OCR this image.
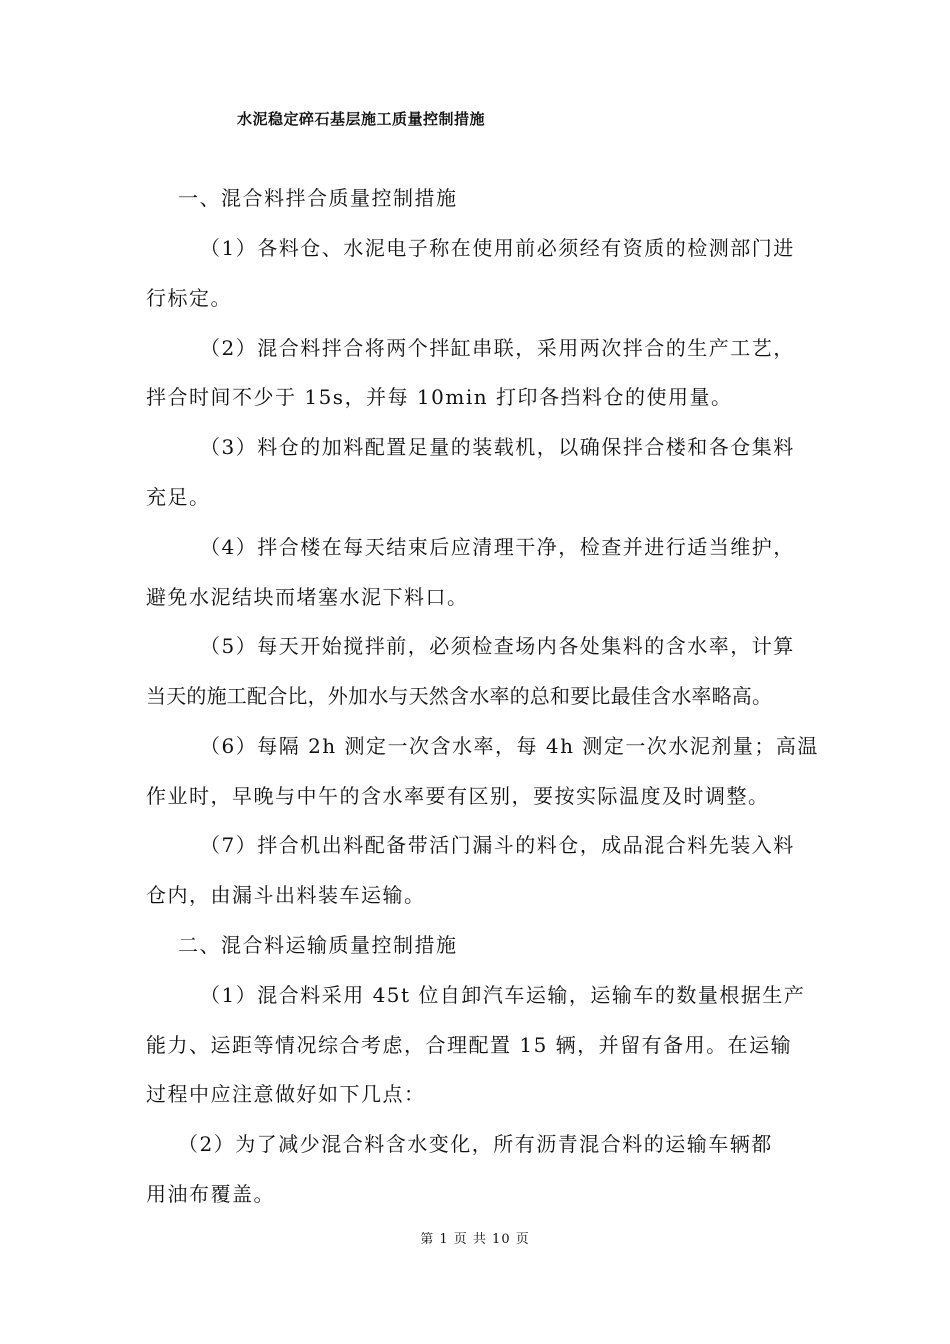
水泥稳定碎石基层施工质量控制措施
一、混合料拌合质量控制措施
（1）各料仓、水泥电子称在使用前必须经有资质的检测部门进
行标定。
（2）混合料拌合将两个拌缸串联，采用两次拌合的生产工艺，
拌合时间不少于 15s，并每 10min 打印各挡料仓的使用量。
（3）料仓的加料配置足量的装载机，以确保拌合楼和各仓集料
充足。
（4）拌合楼在每天结束后应清理干净，检查并进行适当维护，
避免水泥结块而堵塞水泥下料口。
（5）每天开始搅拌前，必须检查场内各处集料的含水率，计算
当天的施工配合比，外加水与天然含水率的总和要比最佳含水率略高。
（6）每隔 2h 测定一次含水率，每 4h 测定一次水泥剂量；高温
作业时，早晚与中午的含水率要有区别，要按实际温度及时调整。
（7）拌合机出料配备带活门漏斗的料仓，成品混合料先装入料
仓内，由漏斗出料装车运输。
二、混合料运输质量控制措施
（1）混合料采用 45t 位自卸汽车运输，运输车的数量根据生产
能力、运距等情况综合考虑，合理配置 15 辆，并留有备用。在运输
过程中应注意做好如下几点：
（2）为了减少混合料含水变化，所有沥青混合料的运输车辆都
用油布覆盖。
第 1 页 共 10 页
